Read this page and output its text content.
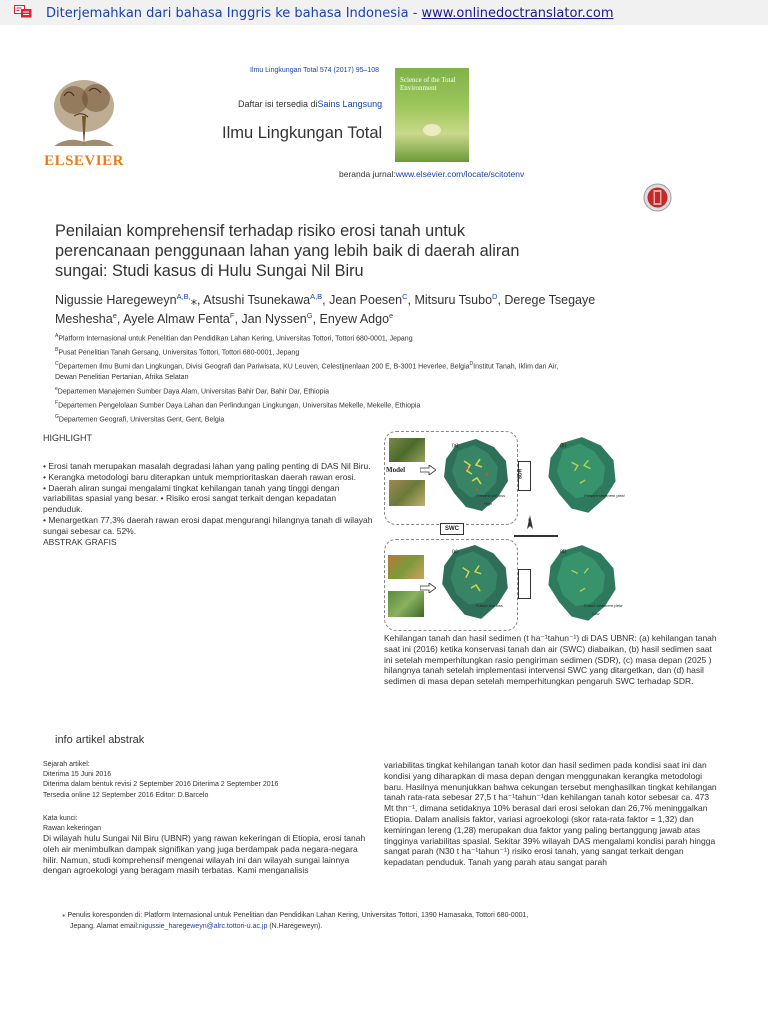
Diterjemahkan dari bahasa Inggris ke bahasa Indonesia - www.onlinedoctranslator.com
ELSEVIER
Ilmu Lingkungan Total 574 (2017) 95–108
Daftar isi tersedia diSains Langsung
Ilmu Lingkungan Total
beranda jurnal:www.elsevier.com/locate/scitotenv
Science of the Total Environment
Penilaian komprehensif terhadap risiko erosi tanah untuk perencanaan penggunaan lahan yang lebih baik di daerah aliran sungai: Studi kasus di Hulu Sungai Nil Biru
Nigussie Haregeweyn$^{A,B,}$⁎, Atsushi Tsunekawa$^{A,B}$, Jean Poesen$^C$, Mitsuru Tsubo$^D$, Derege Tsegaye
Meshesha$^e$, Ayele Almaw Fenta$^F$, Jan Nyssen$^G$, Enyew Adgo$^e$
$^A$Platform Internasional untuk Penelitian dan Pendidikan Lahan Kering, Universitas Tottori, Tottori 680-0001, Jepang
$^B$Pusat Penelitian Tanah Gersang, Universitas Tottori, Tottori 680-0001, Jepang
$^C$Departemen Ilmu Bumi dan Lingkungan, Divisi Geografi dan Pariwisata, KU Leuven, Celestijnenlaan 200 E, B-3001 Heverlee, Belgia$^D$Institut Tanah, Iklim dan Air, Dewan Penelitian Pertanian, Afrika Selatan
$^e$Departemen Manajemen Sumber Daya Alam, Universitas Bahir Dar, Bahir Dar, Ethiopia
$^F$Departemen Pengelolaan Sumber Daya Lahan dan Perlindungan Lingkungan, Universitas Mekelle, Mekelle, Ethiopia
$^G$Departemen Geografi, Universitas Gent, Gent, Belgia
HIGHLIGHT
• Erosi tanah merupakan masalah degradasi lahan yang paling penting di DAS Nil Biru.
• Kerangka metodologi baru diterapkan untuk memprioritaskan daerah rawan erosi.
• Daerah aliran sungai mengalami tingkat kehilangan tanah yang tinggi dengan variabilitas spasial yang besar. • Risiko erosi sangat terkait dengan kepadatan penduduk.
• Menargetkan 77,3% daerah rawan erosi dapat mengurangi hilangnya tanah di wilayah sungai sebesar ca. 52%.
ABSTRAK GRAFIS
Model
(a)
Present soil loss
High
SDR
(b)
Present sediment yield
SWC
N
(c)
Future soil loss
(d)
Future sediment yield
Low
Kehilangan tanah dan hasil sedimen (t ha⁻¹tahun⁻¹) di DAS UBNR: (a) kehilangan tanah saat ini (2016) ketika konservasi tanah dan air (SWC) diabaikan, (b) hasil sedimen saat ini setelah memperhitungkan rasio pengiriman sedimen (SDR), (c) masa depan (2025 ) hilangnya tanah setelah implementasi intervensi SWC yang ditargetkan, dan (d) hasil sedimen di masa depan setelah memperhitungkan pengaruh SWC terhadap SDR.
info artikel abstrak
Sejarah artikel:
Diterima 15 Juni 2016
Diterima dalam bentuk revisi 2 September 2016 Diterima 2 September 2016
Tersedia online 12 September 2016 Editor: D.Barcelo
Kata kunci:
Rawan kekeringan
Di wilayah hulu Sungai Nil Biru (UBNR) yang rawan kekeringan di Etiopia, erosi tanah oleh air menimbulkan dampak signifikan yang juga berdampak pada negara-negara hilir. Namun, studi komprehensif mengenai wilayah ini dan wilayah sungai lainnya dengan agroekologi yang beragam masih terbatas. Kami menganalisis
variabilitas tingkat kehilangan tanah kotor dan hasil sedimen pada kondisi saat ini dan kondisi yang diharapkan di masa depan dengan menggunakan kerangka metodologi baru. Hasilnya menunjukkan bahwa cekungan tersebut menghasilkan tingkat kehilangan tanah rata-rata sebesar 27,5 t ha⁻¹tahun⁻¹dan kehilangan tanah kotor sebesar ca. 473 Mt thn⁻¹, dimana setidaknya 10% berasal dari erosi selokan dan 26,7% meninggalkan Etiopia. Dalam analisis faktor, variasi agroekologi (skor rata-rata faktor = 1,32) dan kemiringan lereng (1,28) merupakan dua faktor yang paling bertanggung jawab atas tingginya variabilitas spasial. Sekitar 39% wilayah DAS mengalami kondisi parah hingga sangat parah (N30 t ha⁻¹tahun⁻¹) risiko erosi tanah, yang sangat terkait dengan kepadatan penduduk. Tanah yang parah atau sangat parah
⁎ Penulis koresponden di: Platform Internasional untuk Penelitian dan Pendidikan Lahan Kering, Universitas Tottori, 1390 Hamasaka, Tottori 680-0001,
Jepang. Alamat email:nigussie_haregeweyn@alrc.tottori-u.ac.jp (N.Haregeweyn).
